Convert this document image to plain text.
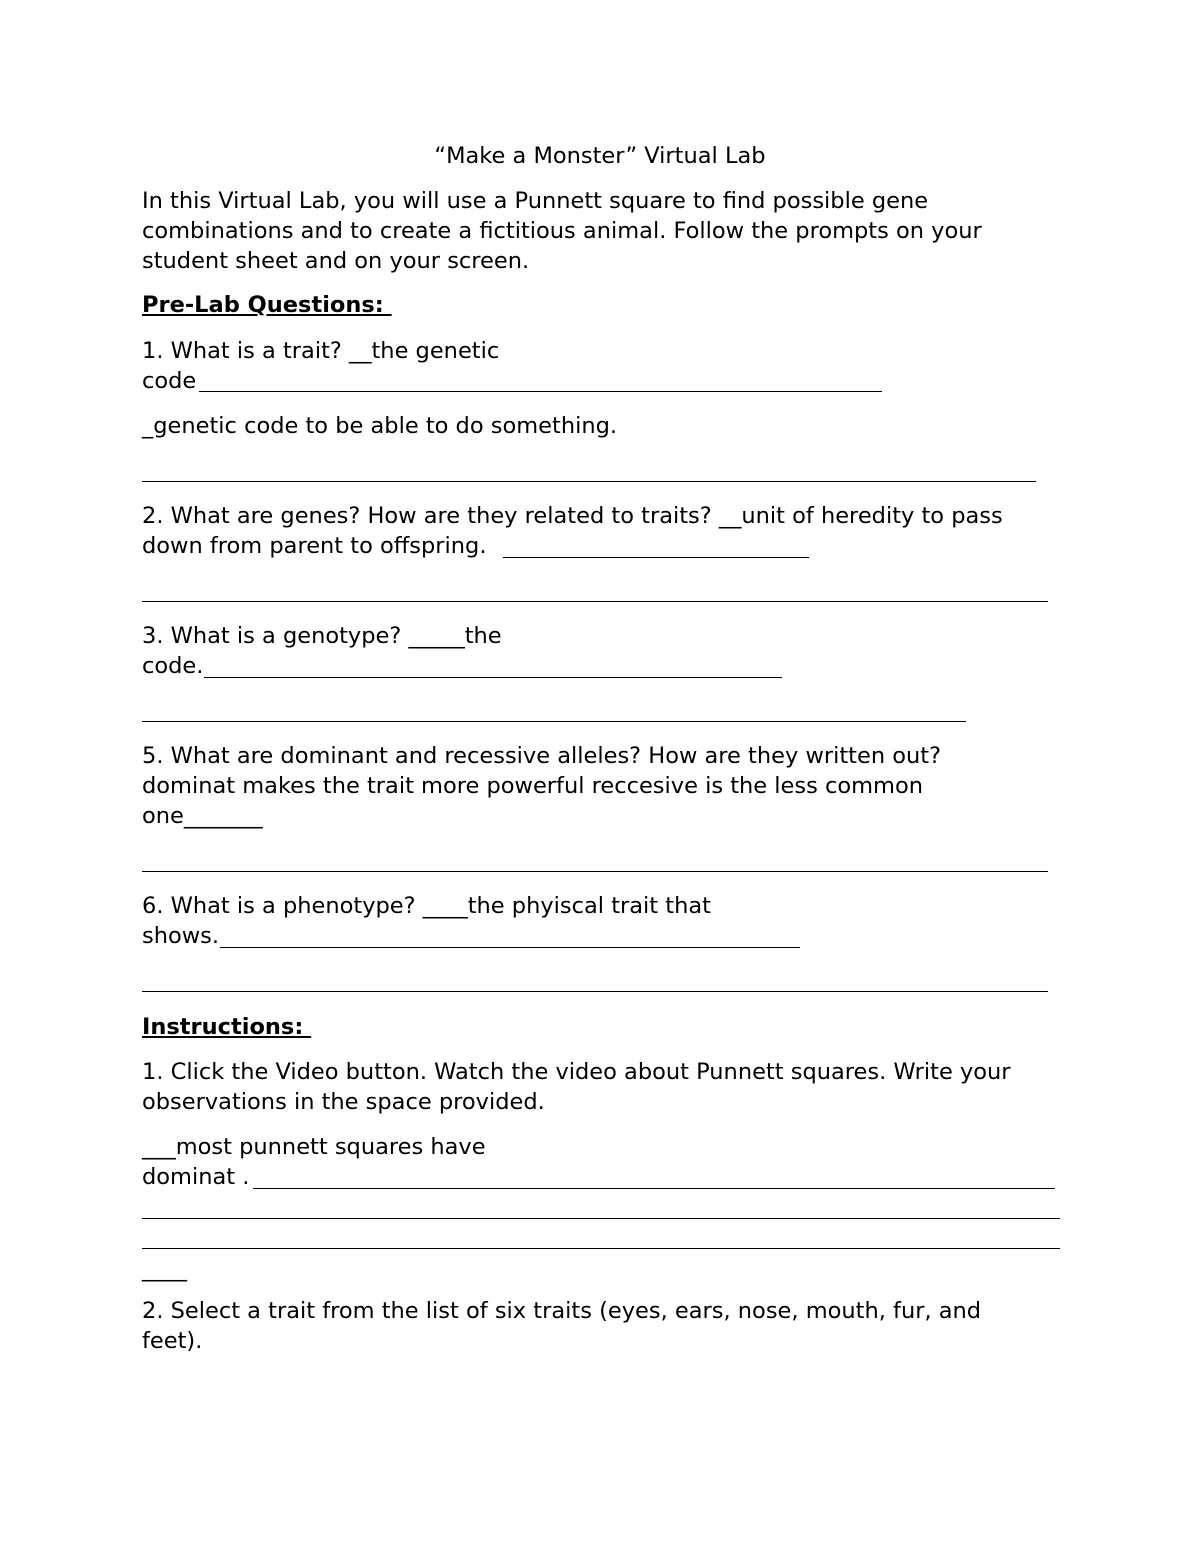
“Make a Monster” Virtual Lab
In this Virtual Lab, you will use a Punnett square to find possible gene
combinations and to create a fictitious animal. Follow the prompts on your
student sheet and on your screen.
Pre-Lab Questions:
1. What is a trait? __the genetic
code
_genetic code to be able to do something.
2. What are genes? How are they related to traits? __unit of heredity to pass
down from parent to offspring.
3. What is a genotype? _____the
code.
5. What are dominant and recessive alleles? How are they written out?
dominat makes the trait more powerful reccesive is the less common
one_______
6. What is a phenotype? ____the phyiscal trait that
shows.
Instructions:
1. Click the Video button. Watch the video about Punnett squares. Write your
observations in the space provided.
___most punnett squares have
dominat .
____
2. Select a trait from the list of six traits (eyes, ears, nose, mouth, fur, and
feet).
